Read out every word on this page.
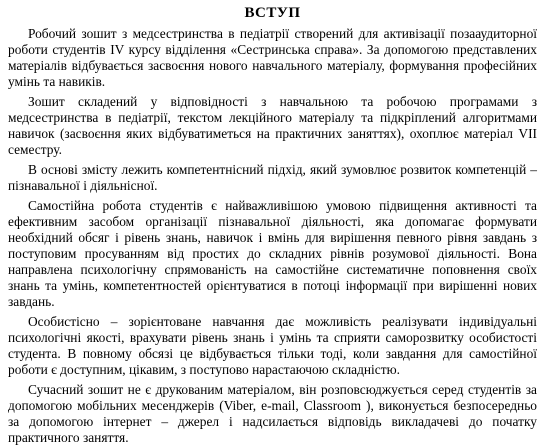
ВСТУП

Робочий зошит з медсестринства в педіатрії створений для активізації позааудиторної роботи студентів IV курсу відділення «Сестринська справа». За допомогою представлених матеріалів відбувається засвоєння нового навчального матеріалу, формування професійних умінь та навиків.

Зошит складений у відповідності з навчальною та робочою програмами з медсестринства в педіатрії, текстом лекційного матеріалу та підкріплений алгоритмами навичок (засвоєння яких відбуватиметься на практичних заняттях), охоплює матеріал VII семестру.

В основі змісту лежить компетентнісний підхід, який зумовлює розвиток компетенцій – пізнавальної і діяльнісної.

Самостійна робота студентів є найважливішою умовою підвищення активності та ефективним засобом організації пізнавальної діяльності, яка допомагає формувати необхідний обсяг і рівень знань, навичок і вмінь для вирішення певного рівня завдань з поступовим просуванням від простих до складних рівнів розумової діяльності. Вона направлена психологічну спрямованість на самостійне систематичне поповнення своїх знань та умінь, компетентностей орієнтуватися в потоці інформації при вирішенні нових завдань.

Особистісно – зорієнтоване навчання дає можливість реалізувати індивідуальні психологічні якості, врахувати рівень знань і умінь та сприяти саморозвитку особистості студента. В повному обсязі це відбувається тільки тоді, коли завдання для самостійної роботи є доступним, цікавим, з поступово нарастаючою складністю.

Сучасний зошит не є друкованим матеріалом, він розповсюджується серед студентів за допомогою мобільних месенджерів (Viber, e-mail, Classroom ), виконується безпосередньо за допомогою інтернет – джерел і надсилається відповідь викладачеві до початку практичного заняття.
